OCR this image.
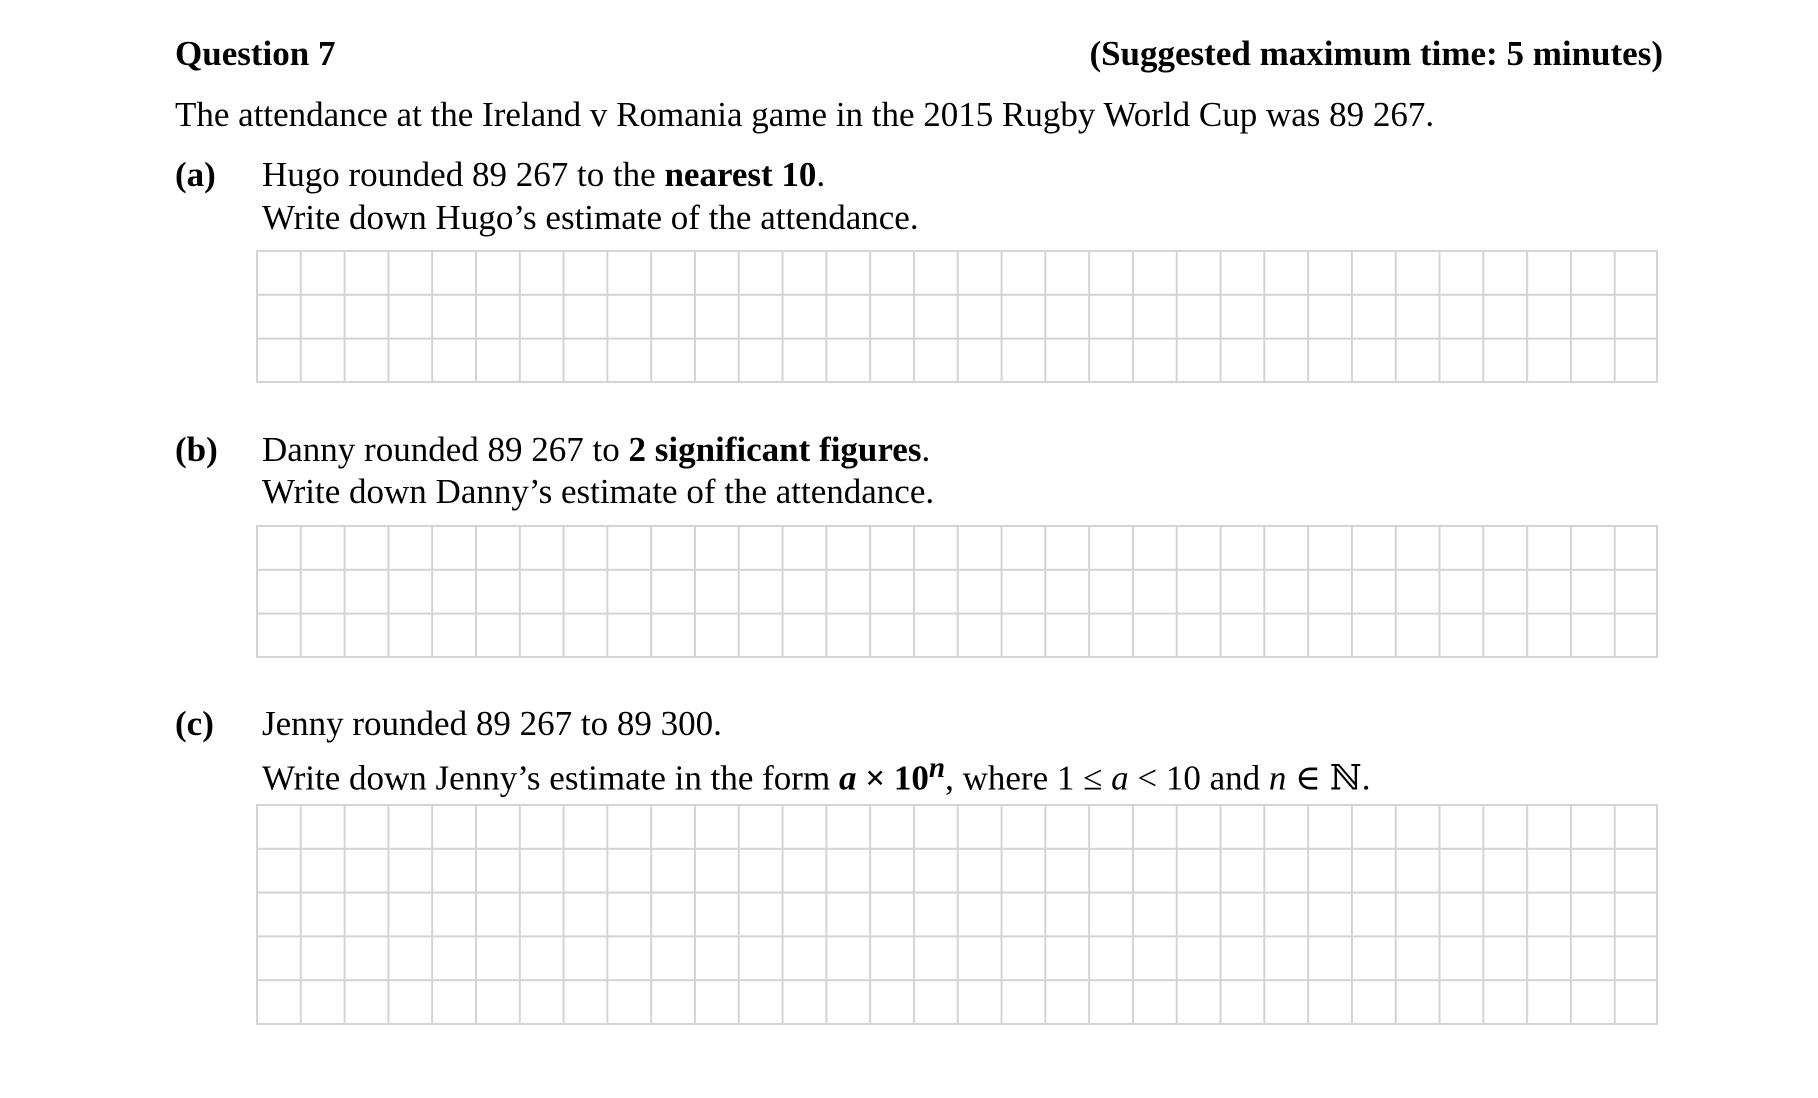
Question 7	(Suggested maximum time: 5 minutes)
The attendance at the Ireland v Romania game in the 2015 Rugby World Cup was 89 267.
(a) Hugo rounded 89 267 to the nearest 10.
Write down Hugo’s estimate of the attendance.
(b) Danny rounded 89 267 to 2 significant figures.
Write down Danny’s estimate of the attendance.
(c) Jenny rounded 89 267 to 89 300.
Write down Jenny’s estimate in the form $a \times 10^n$, where 1 ≤ a < 10 and n ∈ ℕ.
